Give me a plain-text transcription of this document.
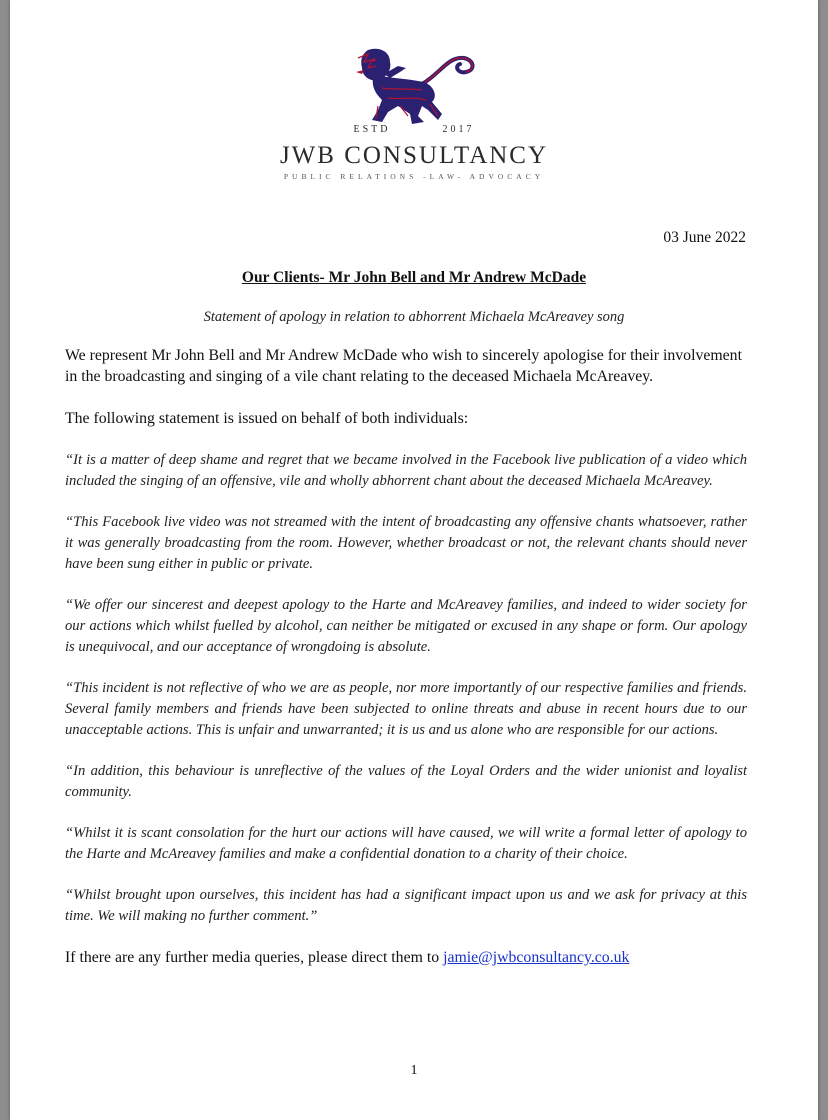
ESTD	2017
JWB CONSULTANCY
PUBLIC RELATIONS -LAW- ADVOCACY
03 June 2022
Our Clients- Mr John Bell and Mr Andrew McDade
Statement of apology in relation to abhorrent Michaela McAreavey song

We represent Mr John Bell and Mr Andrew McDade who wish to sincerely apologise for their involvement in the broadcasting and singing of a vile chant relating to the deceased Michaela McAreavey.

The following statement is issued on behalf of both individuals:

“It is a matter of deep shame and regret that we became involved in the Facebook live publication of a video which included the singing of an offensive, vile and wholly abhorrent chant about the deceased Michaela McAreavey.

“This Facebook live video was not streamed with the intent of broadcasting any offensive chants whatsoever, rather it was generally broadcasting from the room. However, whether broadcast or not, the relevant chants should never have been sung either in public or private.

“We offer our sincerest and deepest apology to the Harte and McAreavey families, and indeed to wider society for our actions which whilst fuelled by alcohol, can neither be mitigated or excused in any shape or form. Our apology is unequivocal, and our acceptance of wrongdoing is absolute.

“This incident is not reflective of who we are as people, nor more importantly of our respective families and friends. Several family members and friends have been subjected to online threats and abuse in recent hours due to our unacceptable actions. This is unfair and unwarranted; it is us and us alone who are responsible for our actions.

“In addition, this behaviour is unreflective of the values of the Loyal Orders and the wider unionist and loyalist community.

“Whilst it is scant consolation for the hurt our actions will have caused, we will write a formal letter of apology to the Harte and McAreavey families and make a confidential donation to a charity of their choice.

“Whilst brought upon ourselves, this incident has had a significant impact upon us and we ask for privacy at this time. We will making no further comment.”

If there are any further media queries, please direct them to jamie@jwbconsultancy.co.uk

1
